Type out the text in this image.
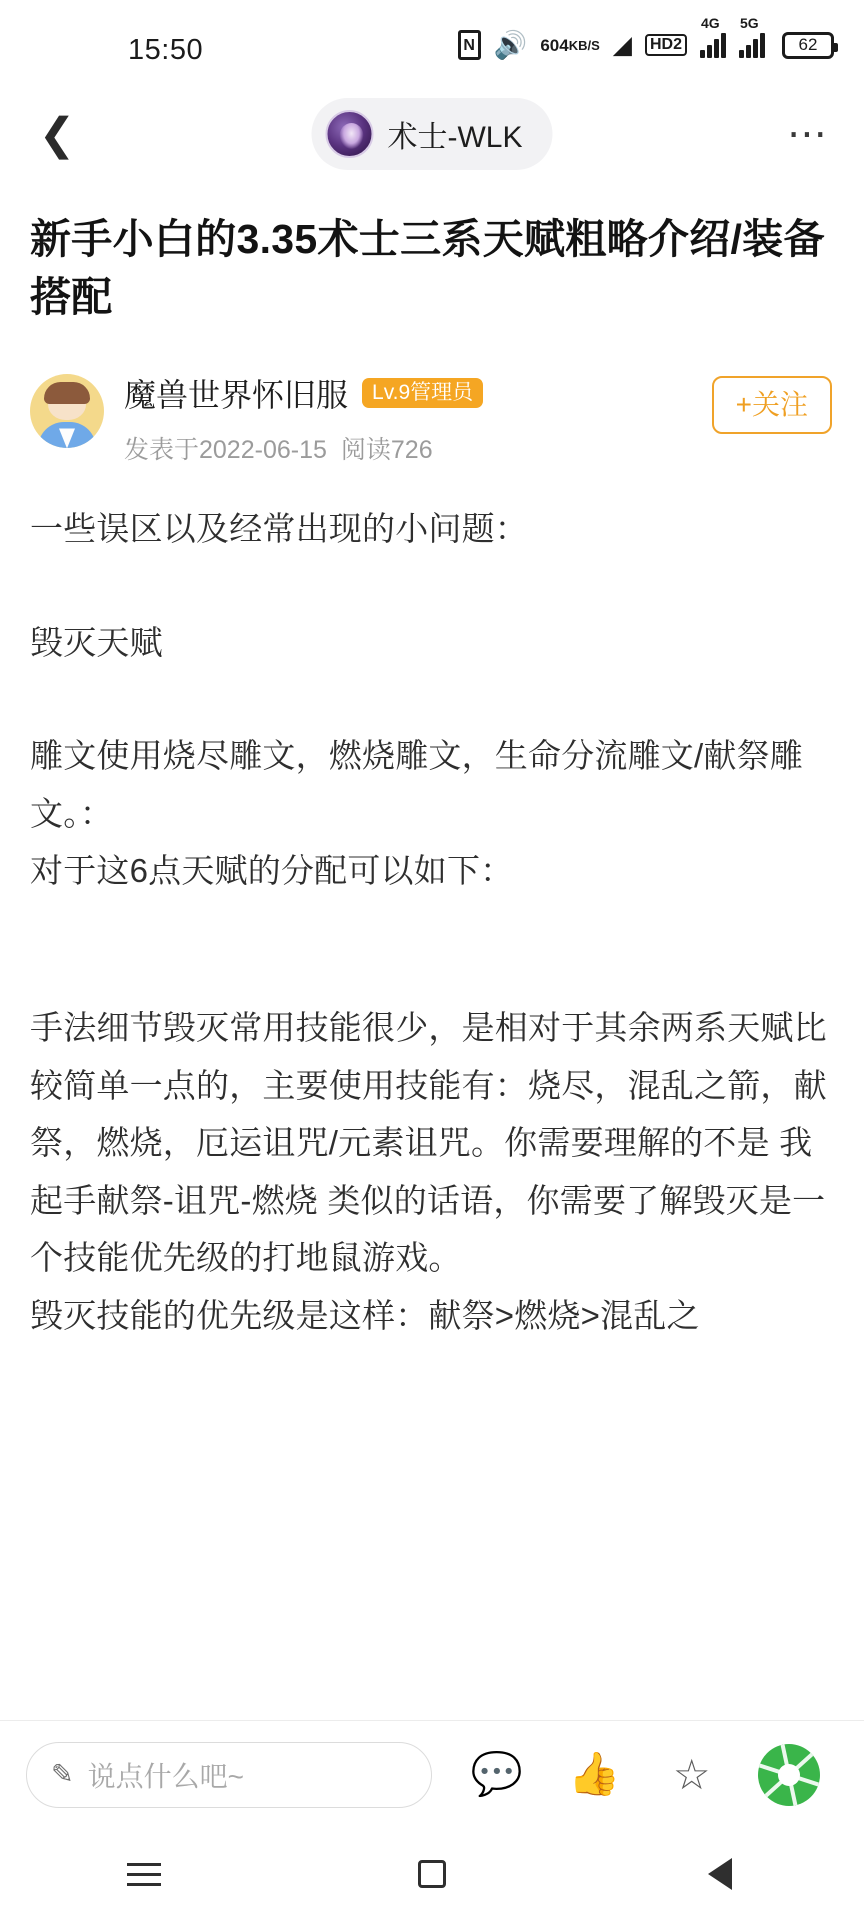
15:50	N 🔊 604 KB/S ◢ HD 2
4G 5G
62
❮	术士-WLK	⋯
新手小白的3.35术士三系天赋粗略介绍/装备搭配
魔兽世界怀旧服	Lv.9管理员
发表于2022-06-15 阅读726
+关注

一些误区以及经常出现的小问题：

毁灭天赋

雕文使用烧尽雕文，燃烧雕文，生命分流雕文/献祭雕文。：

对于这6点天赋的分配可以如下：

手法细节毁灭常用技能很少，是相对于其余两系天赋比较简单一点的，主要使用技能有：烧尽，混乱之箭，献祭，燃烧，厄运诅咒/元素诅咒。你需要理解的不是 我起手献祭-诅咒-燃烧 类似的话语，你需要了解毁灭是一个技能优先级的打地鼠游戏。

毁灭技能的优先级是这样：献祭>燃烧>混乱之

✎ 说点什么吧~	💬 👍	☆
